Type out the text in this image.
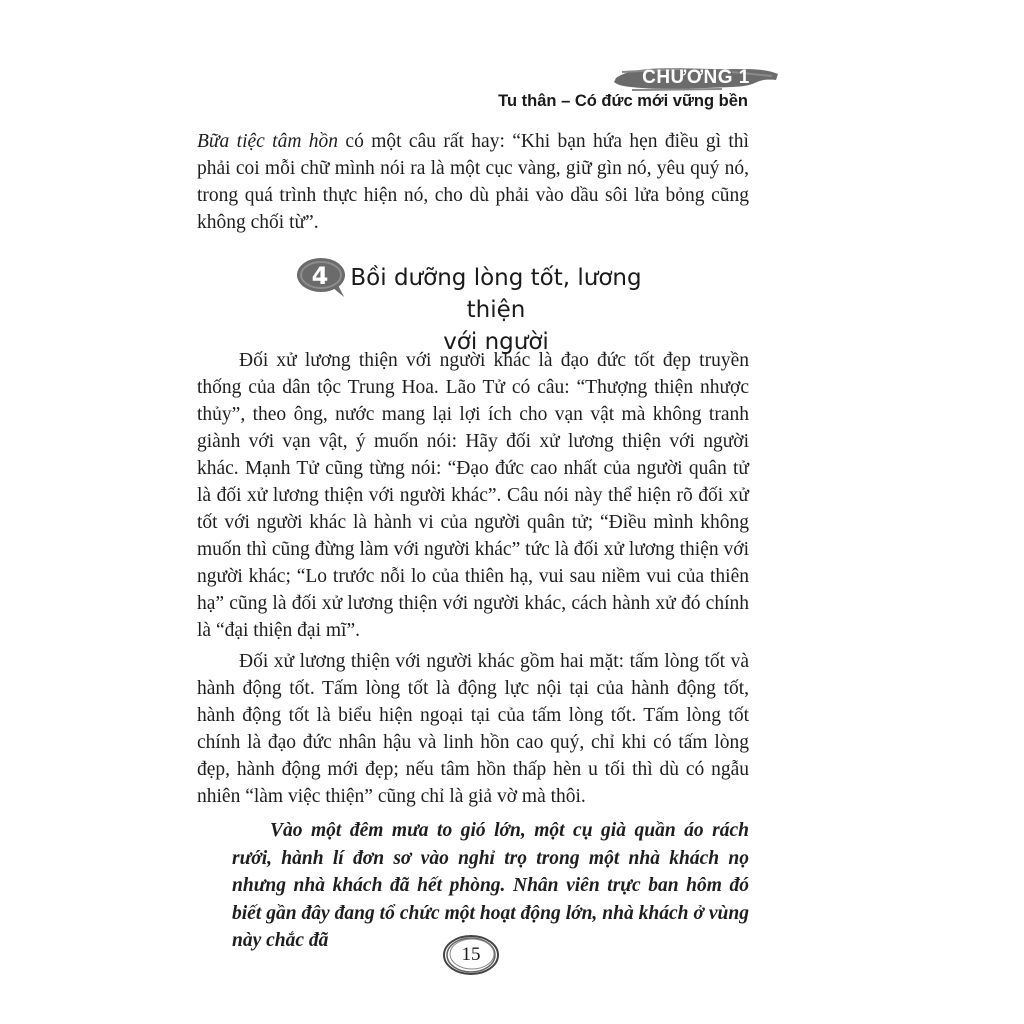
CHƯƠNG 1
Tu thân – Có đức mới vững bền

Bữa tiệc tâm hồn có một câu rất hay: “Khi bạn hứa hẹn điều gì thì phải coi mỗi chữ mình nói ra là một cục vàng, giữ gìn nó, yêu quý nó, trong quá trình thực hiện nó, cho dù phải vào dầu sôi lửa bỏng cũng không chối từ”.

4 Bồi dưỡng lòng tốt, lương thiện
với người

Đối xử lương thiện với người khác là đạo đức tốt đẹp truyền thống của dân tộc Trung Hoa. Lão Tử có câu: “Thượng thiện nhược thủy”, theo ông, nước mang lại lợi ích cho vạn vật mà không tranh giành với vạn vật, ý muốn nói: Hãy đối xử lương thiện với người khác. Mạnh Tử cũng từng nói: “Đạo đức cao nhất của người quân tử là đối xử lương thiện với người khác”. Câu nói này thể hiện rõ đối xử tốt với người khác là hành vi của người quân tử; “Điều mình không muốn thì cũng đừng làm với người khác” tức là đối xử lương thiện với người khác; “Lo trước nỗi lo của thiên hạ, vui sau niềm vui của thiên hạ” cũng là đối xử lương thiện với người khác, cách hành xử đó chính là “đại thiện đại mĩ”.

Đối xử lương thiện với người khác gồm hai mặt: tấm lòng tốt và hành động tốt. Tấm lòng tốt là động lực nội tại của hành động tốt, hành động tốt là biểu hiện ngoại tại của tấm lòng tốt. Tấm lòng tốt chính là đạo đức nhân hậu và linh hồn cao quý, chỉ khi có tấm lòng đẹp, hành động mới đẹp; nếu tâm hồn thấp hèn u tối thì dù có ngẫu nhiên “làm việc thiện” cũng chỉ là giả vờ mà thôi.

Vào một đêm mưa to gió lớn, một cụ già quần áo rách rưới, hành lí đơn sơ vào nghỉ trọ trong một nhà khách nọ nhưng nhà khách đã hết phòng. Nhân viên trực ban hôm đó biết gần đây đang tổ chức một hoạt động lớn, nhà khách ở vùng này chắc đã

15
